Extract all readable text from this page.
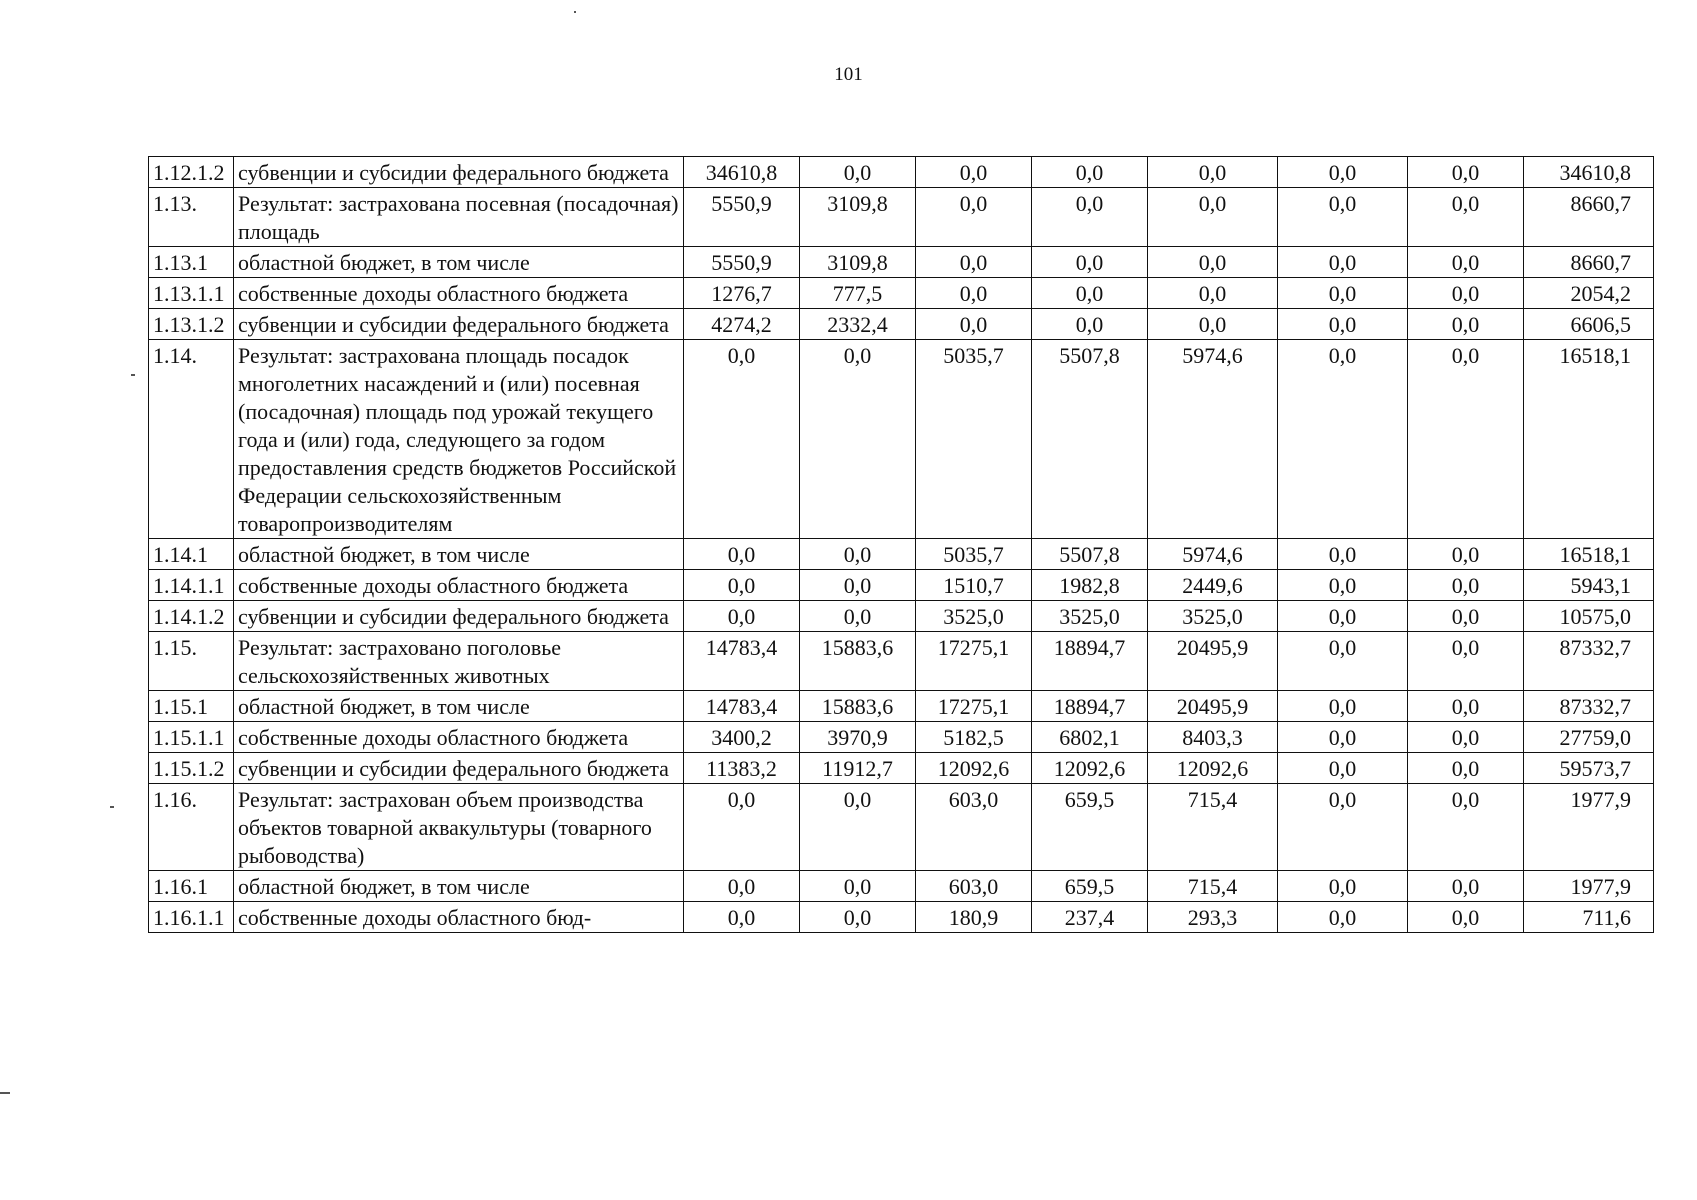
101
1.12.1.2	субвенции и субсидии федерального бюджета	34610,8	0,0	0,0	0,0	0,0	0,0	0,0	34610,8
1.13.	Результат: застрахована посевная (посадочная) площадь	5550,9	3109,8	0,0	0,0	0,0	0,0	0,0	8660,7
1.13.1	областной бюджет, в том числе	5550,9	3109,8	0,0	0,0	0,0	0,0	0,0	8660,7
1.13.1.1	собственные доходы областного бюджета	1276,7	777,5	0,0	0,0	0,0	0,0	0,0	2054,2
1.13.1.2	субвенции и субсидии федерального бюджета	4274,2	2332,4	0,0	0,0	0,0	0,0	0,0	6606,5
1.14.	Результат: застрахована площадь посадок многолетних насаждений и (или) посевная (посадочная) площадь под урожай текущего года и (или) года, следующего за годом предоставления средств бюджетов Российской Федерации сельскохозяйственным товаропроизводителям	0,0	0,0	5035,7	5507,8	5974,6	0,0	0,0	16518,1
1.14.1	областной бюджет, в том числе	0,0	0,0	5035,7	5507,8	5974,6	0,0	0,0	16518,1
1.14.1.1	собственные доходы областного бюджета	0,0	0,0	1510,7	1982,8	2449,6	0,0	0,0	5943,1
1.14.1.2	субвенции и субсидии федерального бюджета	0,0	0,0	3525,0	3525,0	3525,0	0,0	0,0	10575,0
1.15.	Результат: застраховано поголовье сельскохозяйственных животных	14783,4	15883,6	17275,1	18894,7	20495,9	0,0	0,0	87332,7
1.15.1	областной бюджет, в том числе	14783,4	15883,6	17275,1	18894,7	20495,9	0,0	0,0	87332,7
1.15.1.1	собственные доходы областного бюджета	3400,2	3970,9	5182,5	6802,1	8403,3	0,0	0,0	27759,0
1.15.1.2	субвенции и субсидии федерального бюджета	11383,2	11912,7	12092,6	12092,6	12092,6	0,0	0,0	59573,7
1.16.	Результат: застрахован объем производства объектов товарной аквакультуры (товарного рыбоводства)	0,0	0,0	603,0	659,5	715,4	0,0	0,0	1977,9
1.16.1	областной бюджет, в том числе	0,0	0,0	603,0	659,5	715,4	0,0	0,0	1977,9
1.16.1.1	собственные доходы областного бюд-	0,0	0,0	180,9	237,4	293,3	0,0	0,0	711,6
